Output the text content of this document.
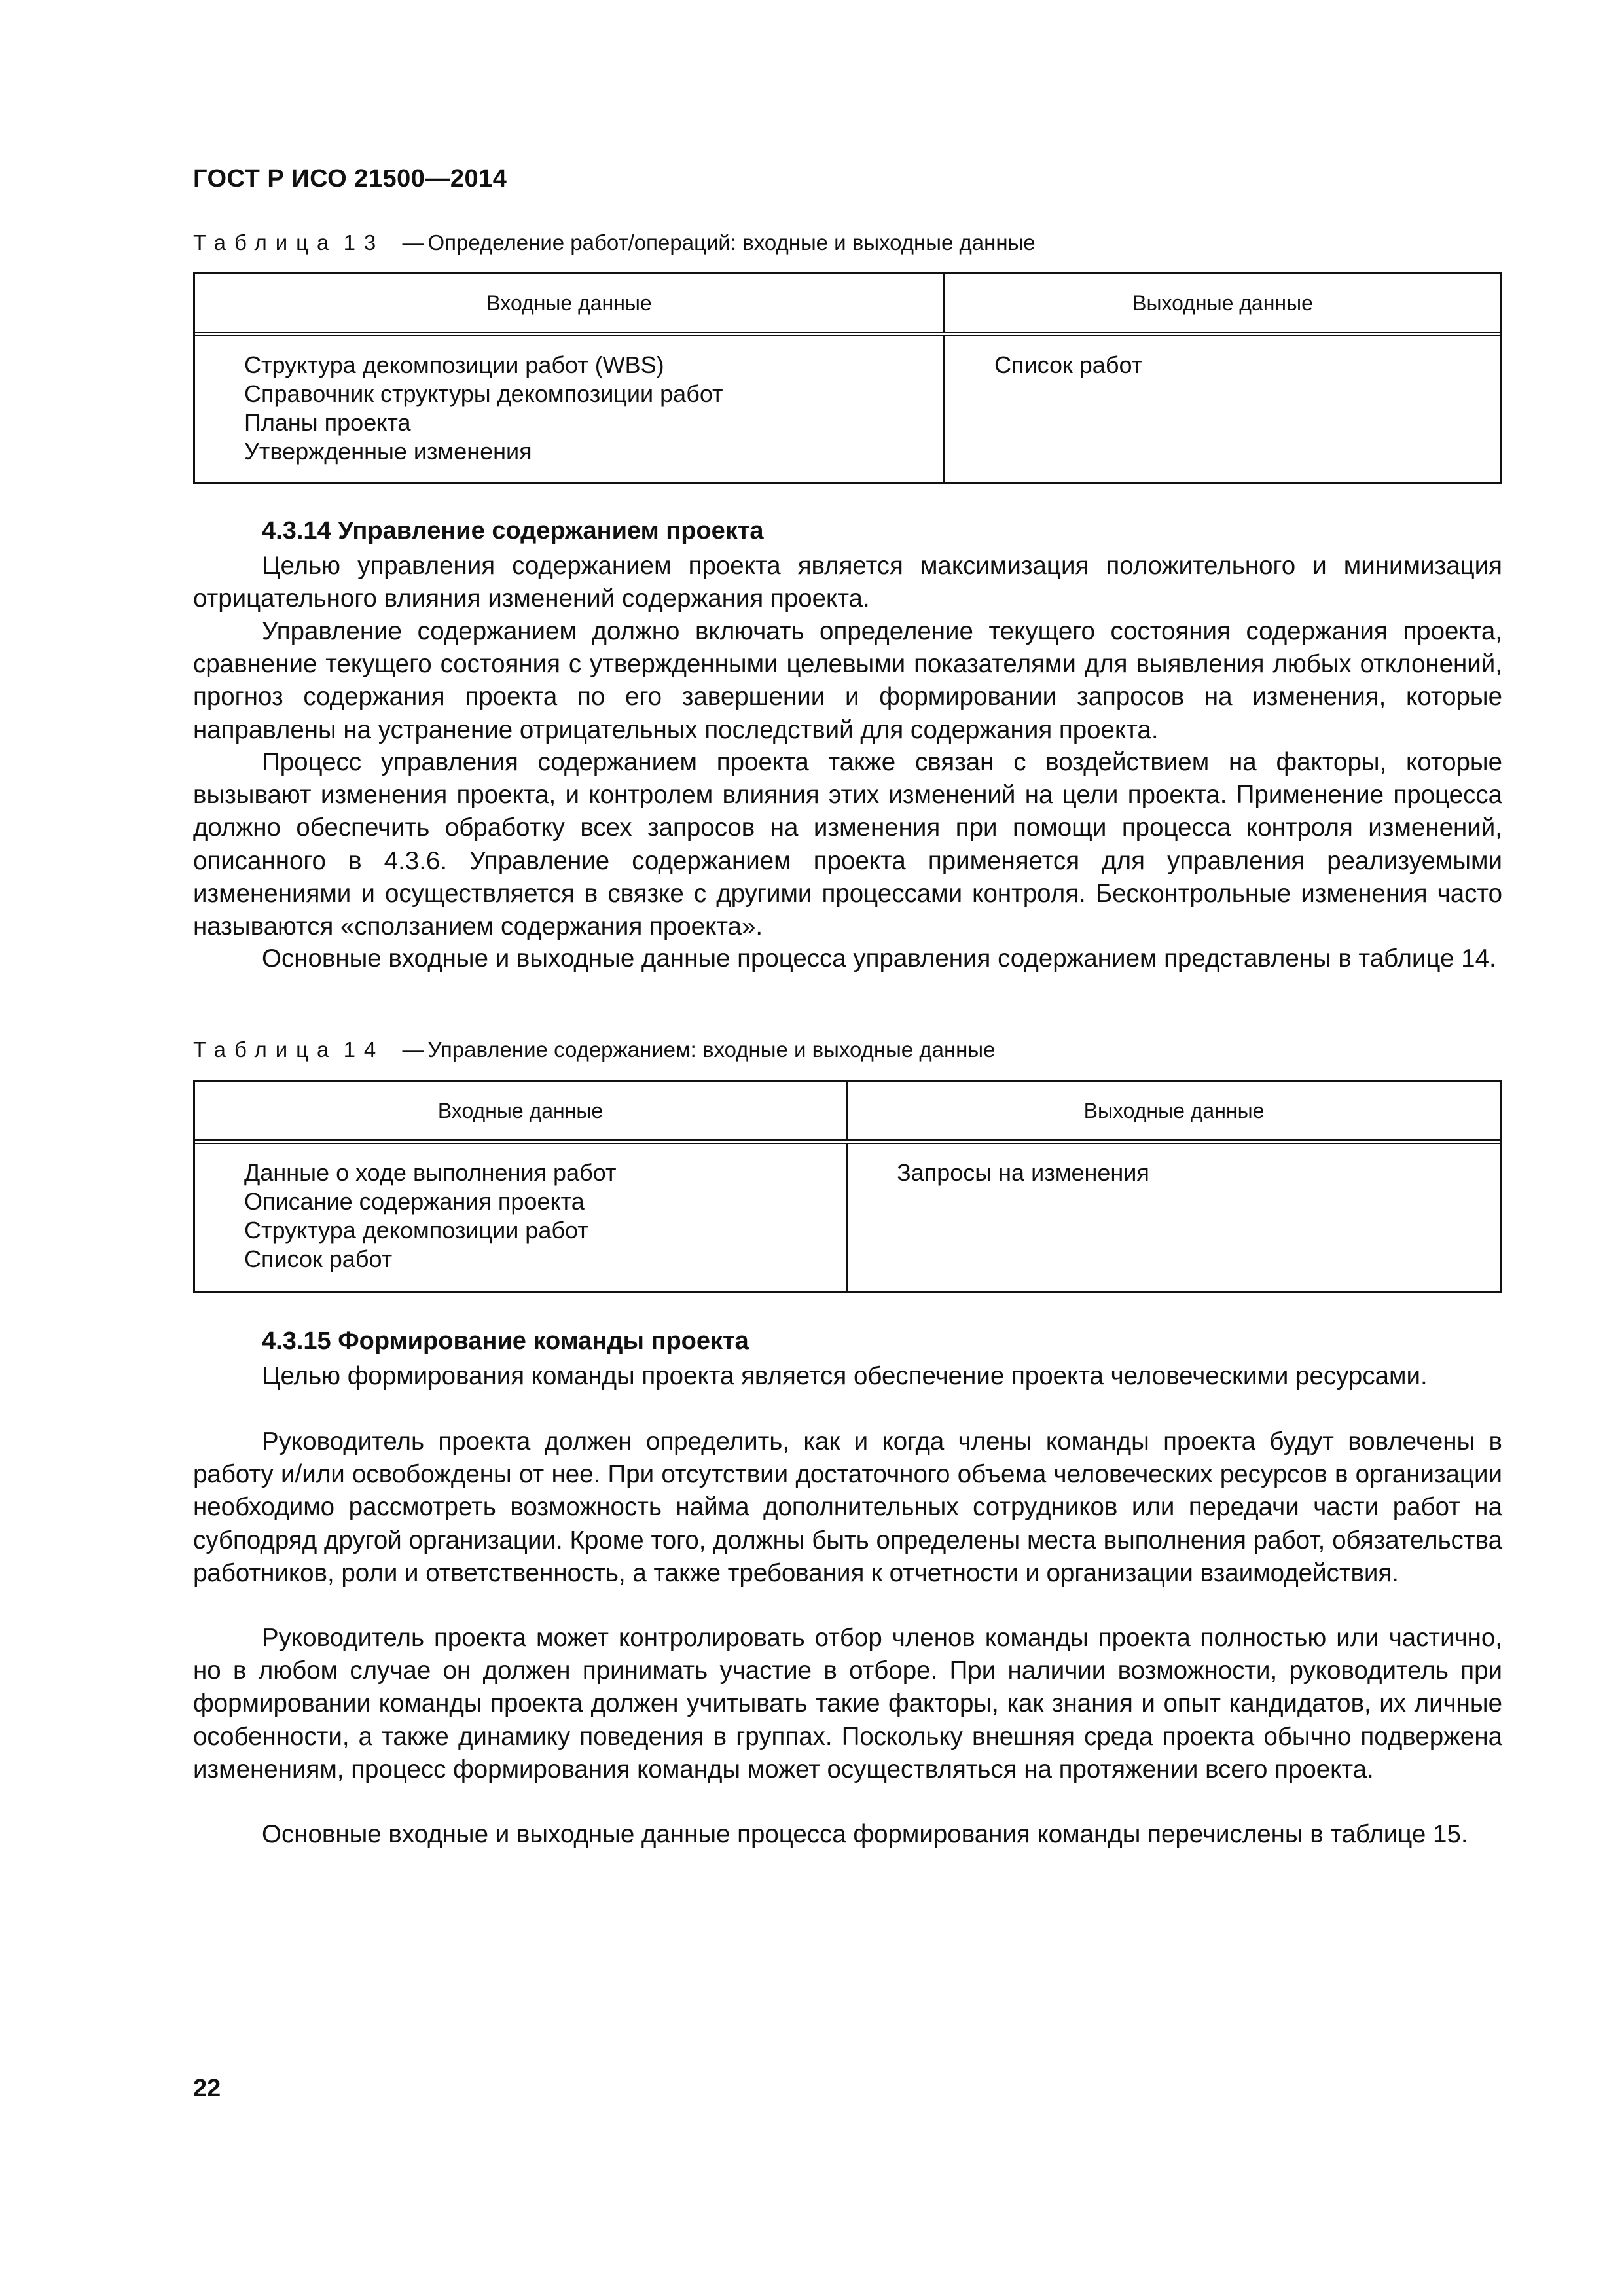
ГОСТ Р ИСО 21500—2014
Таблица 13 — Определение работ/операций: входные и выходные данные
Входные данные	Выходные данные
Структура декомпозиции работ (WBS)
Справочник структуры декомпозиции работ
Планы проекта
Утвержденные изменения
Список работ
4.3.14 Управление содержанием проекта

Целью управления содержанием проекта является максимизация положительного и минимизация отрицательного влияния изменений содержания проекта.

Управление содержанием должно включать определение текущего состояния содержания проекта, сравнение текущего состояния с утвержденными целевыми показателями для выявления любых отклонений, прогноз содержания проекта по его завершении и формировании запросов на изменения, которые направлены на устранение отрицательных последствий для содержания проекта.

Процесс управления содержанием проекта также связан с воздействием на факторы, которые вызывают изменения проекта, и контролем влияния этих изменений на цели проекта. Применение процесса должно обеспечить обработку всех запросов на изменения при помощи процесса контроля изменений, описанного в 4.3.6. Управление содержанием проекта применяется для управления реализуемыми изменениями и осуществляется в связке с другими процессами контроля. Бесконтрольные изменения часто называются «сползанием содержания проекта».

Основные входные и выходные данные процесса управления содержанием представлены в таблице 14.

Таблица 14 — Управление содержанием: входные и выходные данные
Входные данные	Выходные данные
Данные о ходе выполнения работ
Описание содержания проекта
Структура декомпозиции работ
Список работ
Запросы на изменения
4.3.15 Формирование команды проекта

Целью формирования команды проекта является обеспечение проекта человеческими ресурсами.

Руководитель проекта должен определить, как и когда члены команды проекта будут вовлечены в работу и/или освобождены от нее. При отсутствии достаточного объема человеческих ресурсов в организации необходимо рассмотреть возможность найма дополнительных сотрудников или передачи части работ на субподряд другой организации. Кроме того, должны быть определены места выполнения работ, обязательства работников, роли и ответственность, а также требования к отчетности и организации взаимодействия.

Руководитель проекта может контролировать отбор членов команды проекта полностью или частично, но в любом случае он должен принимать участие в отборе. При наличии возможности, руководитель при формировании команды проекта должен учитывать такие факторы, как знания и опыт кандидатов, их личные особенности, а также динамику поведения в группах. Поскольку внешняя среда проекта обычно подвержена изменениям, процесс формирования команды может осуществляться на протяжении всего проекта.

Основные входные и выходные данные процесса формирования команды перечислены в таблице 15.

22
